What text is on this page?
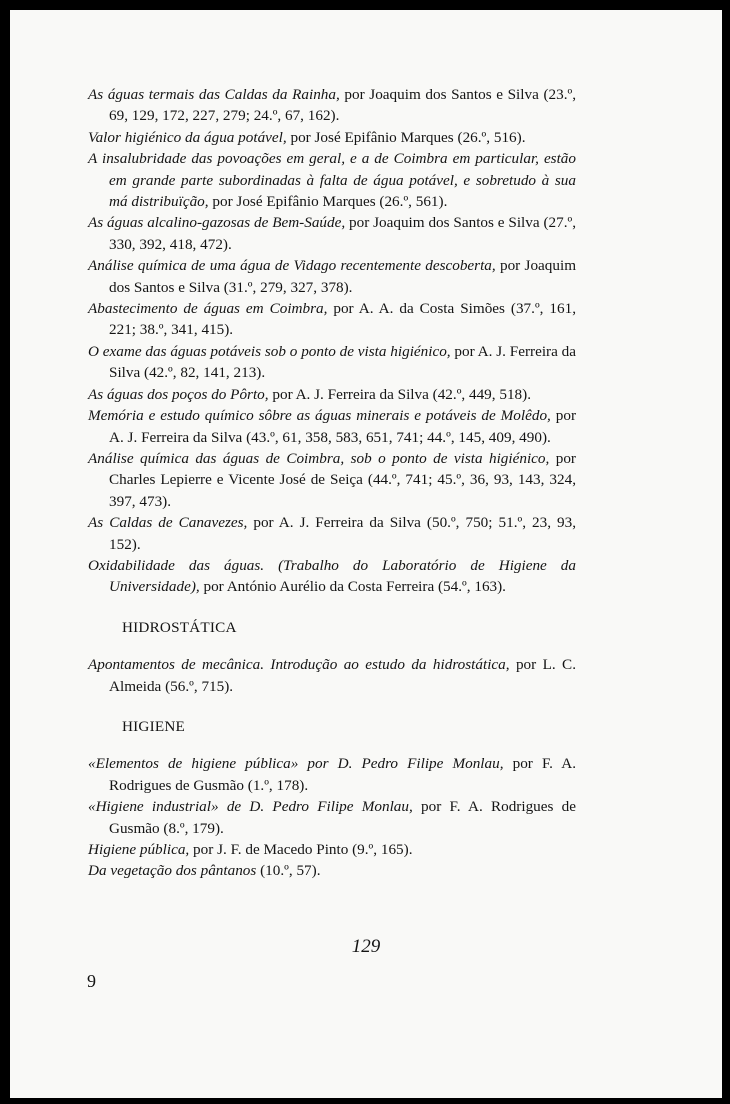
As águas termais das Caldas da Rainha, por Joaquim dos Santos e Silva (23.º, 69, 129, 172, 227, 279; 24.º, 67, 162).

Valor higiénico da água potável, por José Epifânio Marques (26.º, 516).

A insalubridade das povoações em geral, e a de Coimbra em particular, estão em grande parte subordinadas à falta de água potável, e sobretudo à sua má distribuïção, por José Epifânio Marques (26.º, 561).

As águas alcalino-gazosas de Bem-Saúde, por Joaquim dos Santos e Silva (27.º, 330, 392, 418, 472).

Análise química de uma água de Vidago recentemente descoberta, por Joaquim dos Santos e Silva (31.º, 279, 327, 378).

Abastecimento de águas em Coimbra, por A. A. da Costa Simões (37.º, 161, 221; 38.º, 341, 415).

O exame das águas potáveis sob o ponto de vista higiénico, por A. J. Ferreira da Silva (42.º, 82, 141, 213).

As águas dos poços do Pôrto, por A. J. Ferreira da Silva (42.º, 449, 518).

Memória e estudo químico sôbre as águas minerais e potáveis de Molêdo, por A. J. Ferreira da Silva (43.º, 61, 358, 583, 651, 741; 44.º, 145, 409, 490).

Análise química das águas de Coimbra, sob o ponto de vista higiénico, por Charles Lepierre e Vicente José de Seiça (44.º, 741; 45.º, 36, 93, 143, 324, 397, 473).

As Caldas de Canavezes, por A. J. Ferreira da Silva (50.º, 750; 51.º, 23, 93, 152).

Oxidabilidade das águas. (Trabalho do Laboratório de Higiene da Universidade), por António Aurélio da Costa Ferreira (54.º, 163).

HIDROSTÁTICA

Apontamentos de mecânica. Introdução ao estudo da hidrostática, por L. C. Almeida (56.º, 715).

HIGIENE

«Elementos de higiene pública» por D. Pedro Filipe Monlau, por F. A. Rodrigues de Gusmão (1.º, 178).

«Higiene industrial» de D. Pedro Filipe Monlau, por F. A. Rodrigues de Gusmão (8.º, 179).

Higiene pública, por J. F. de Macedo Pinto (9.º, 165).

Da vegetação dos pântanos (10.º, 57).

129
9
